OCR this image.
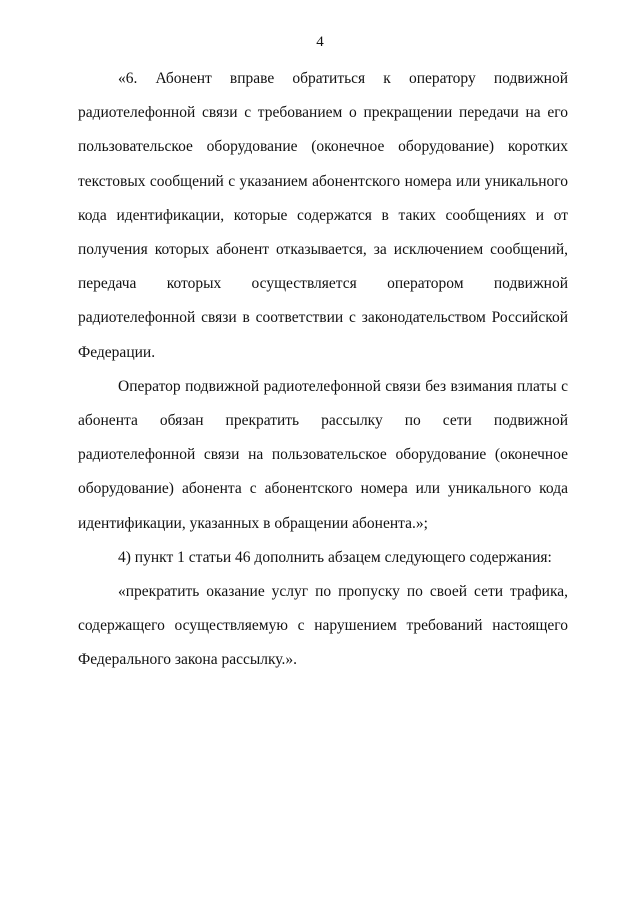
4

«6. Абонент вправе обратиться к оператору подвижной радиотелефонной связи с требованием о прекращении передачи на его пользовательское оборудование (оконечное оборудование) коротких текстовых сообщений с указанием абонентского номера или уникального кода идентификации, которые содержатся в таких сообщениях и от получения которых абонент отказывается, за исключением сообщений, передача которых осуществляется оператором подвижной радиотелефонной связи в соответствии с законодательством Российской Федерации.

Оператор подвижной радиотелефонной связи без взимания платы с абонента обязан прекратить рассылку по сети подвижной радиотелефонной связи на пользовательское оборудование (оконечное оборудование) абонента с абонентского номера или уникального кода идентификации, указанных в обращении абонента.»;

4) пункт 1 статьи 46 дополнить абзацем следующего содержания:

«прекратить оказание услуг по пропуску по своей сети трафика, содержащего осуществляемую с нарушением требований настоящего Федерального закона рассылку.».
